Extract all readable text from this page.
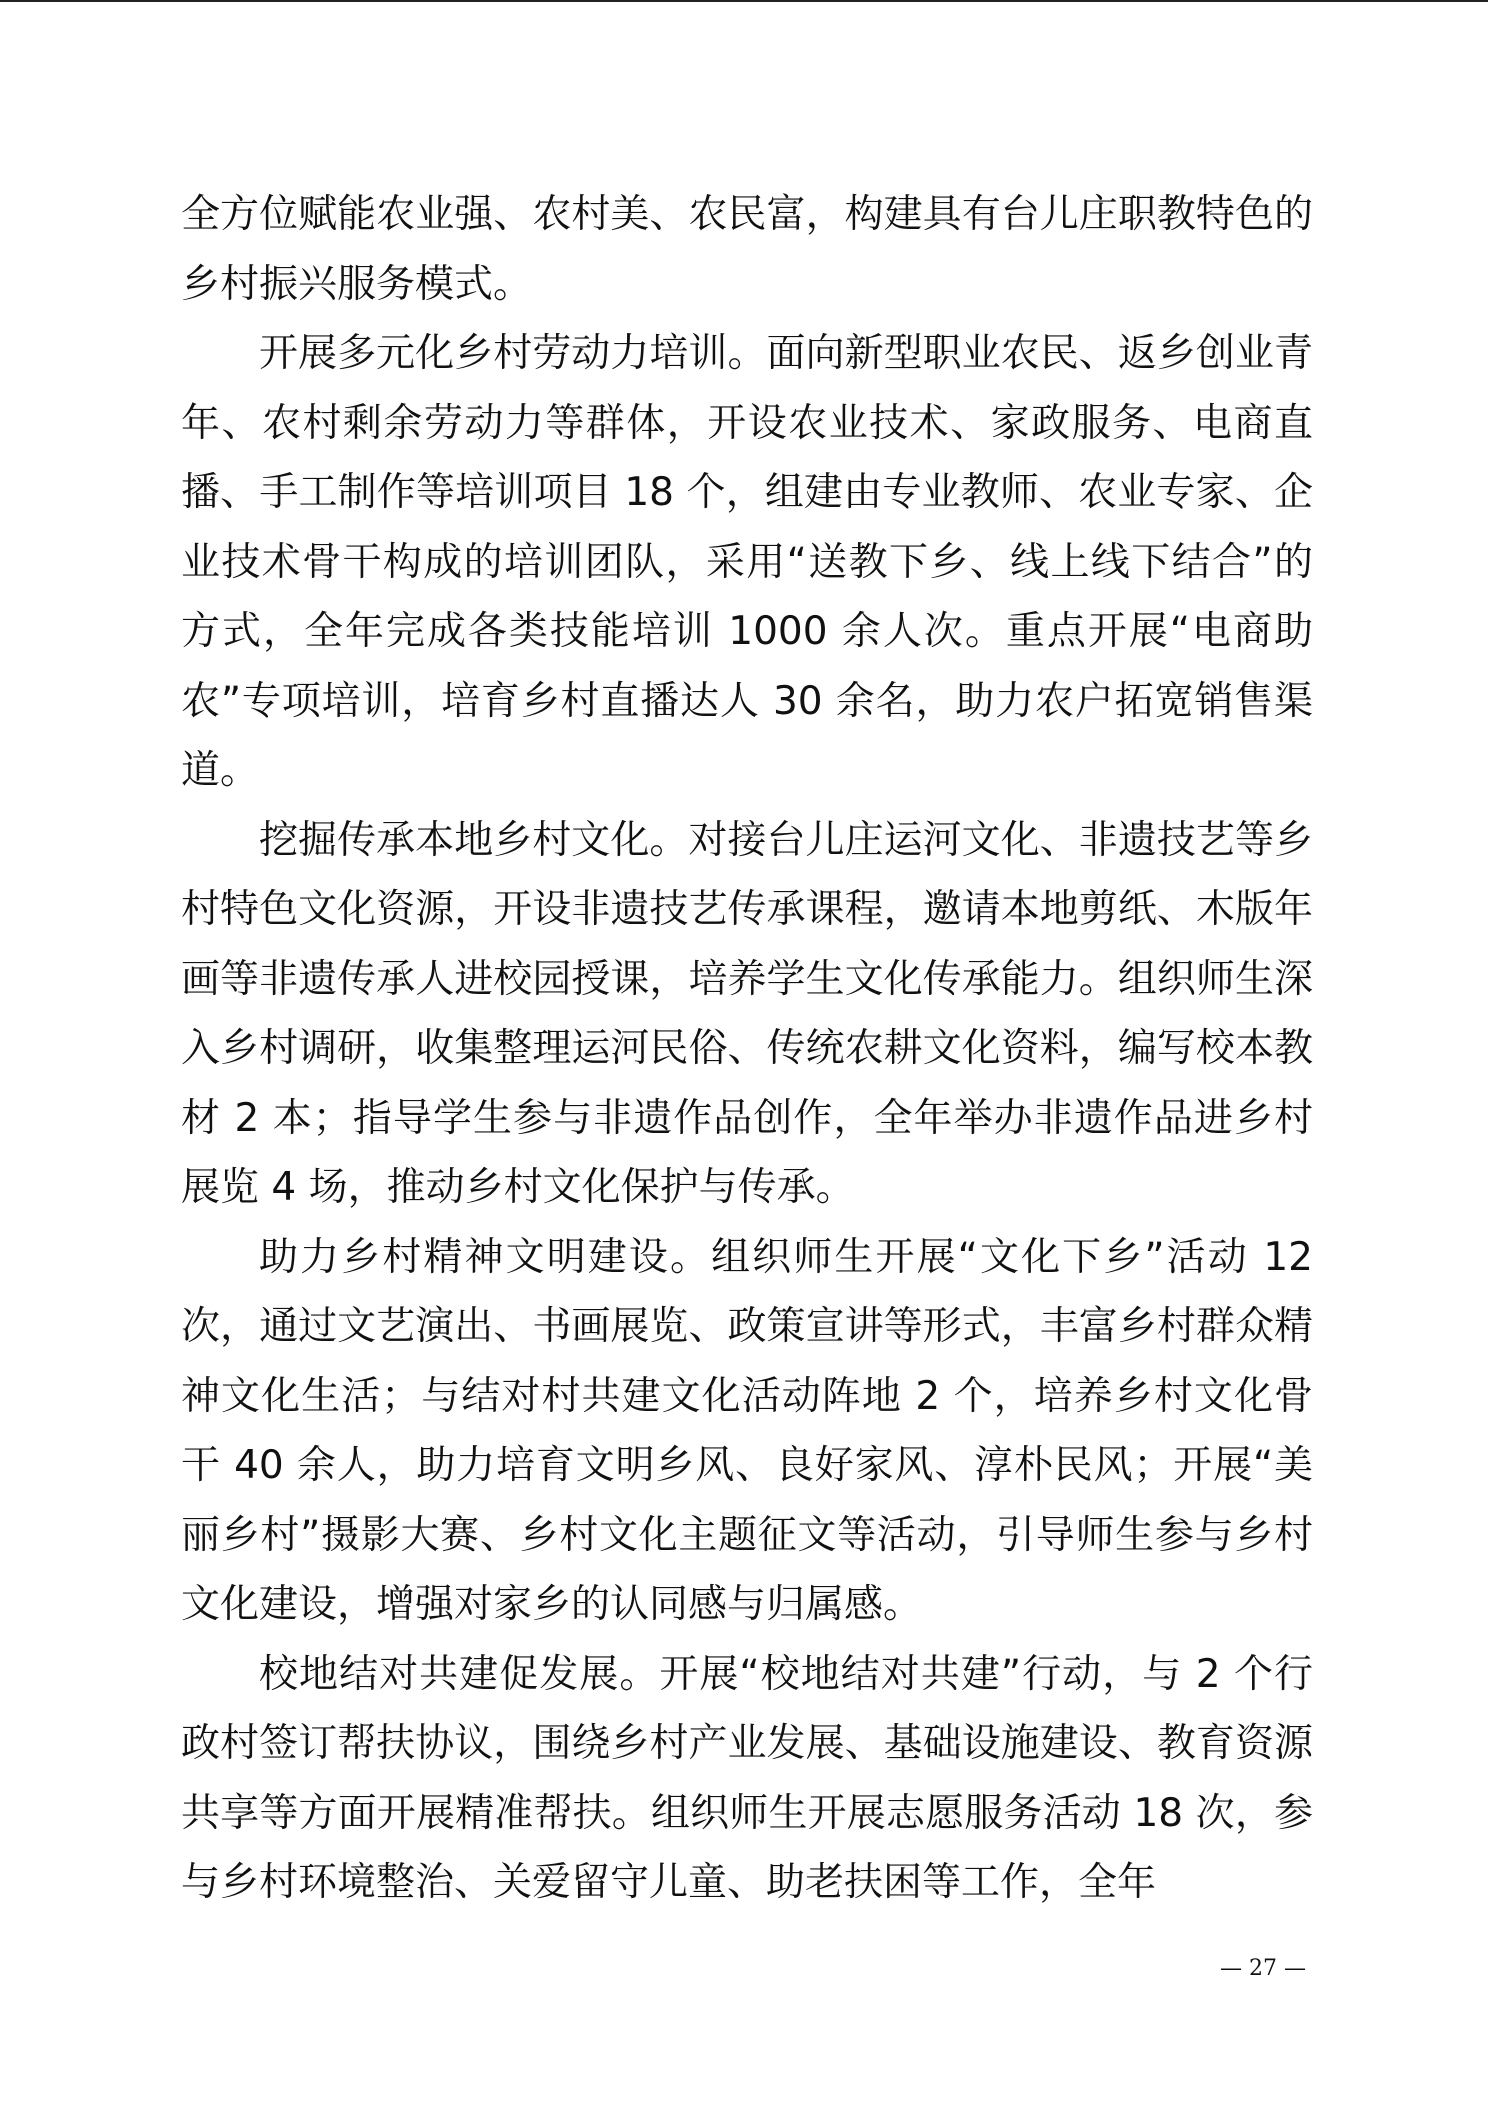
全方位赋能农业强、农村美、农民富，构建具有台儿庄职教特色的乡村振兴服务模式。

开展多元化乡村劳动力培训。面向新型职业农民、返乡创业青年、农村剩余劳动力等群体，开设农业技术、家政服务、电商直播、手工制作等培训项目 18 个，组建由专业教师、农业专家、企业技术骨干构成的培训团队，采用“送教下乡、线上线下结合”的方式，全年完成各类技能培训 1000 余人次。重点开展“电商助农”专项培训，培育乡村直播达人 30 余名，助力农户拓宽销售渠道。

挖掘传承本地乡村文化。对接台儿庄运河文化、非遗技艺等乡村特色文化资源，开设非遗技艺传承课程，邀请本地剪纸、木版年画等非遗传承人进校园授课，培养学生文化传承能力。组织师生深入乡村调研，收集整理运河民俗、传统农耕文化资料，编写校本教材 2 本；指导学生参与非遗作品创作，全年举办非遗作品进乡村展览 4 场，推动乡村文化保护与传承。

助力乡村精神文明建设。组织师生开展“文化下乡”活动 12 次，通过文艺演出、书画展览、政策宣讲等形式，丰富乡村群众精神文化生活；与结对村共建文化活动阵地 2 个，培养乡村文化骨干 40 余人，助力培育文明乡风、良好家风、淳朴民风；开展“美丽乡村”摄影大赛、乡村文化主题征文等活动，引导师生参与乡村文化建设，增强对家乡的认同感与归属感。

校地结对共建促发展。开展“校地结对共建”行动，与 2 个行政村签订帮扶协议，围绕乡村产业发展、基础设施建设、教育资源共享等方面开展精准帮扶。组织师生开展志愿服务活动 18 次，参与乡村环境整治、关爱留守儿童、助老扶困等工作，全年

— 27 —
